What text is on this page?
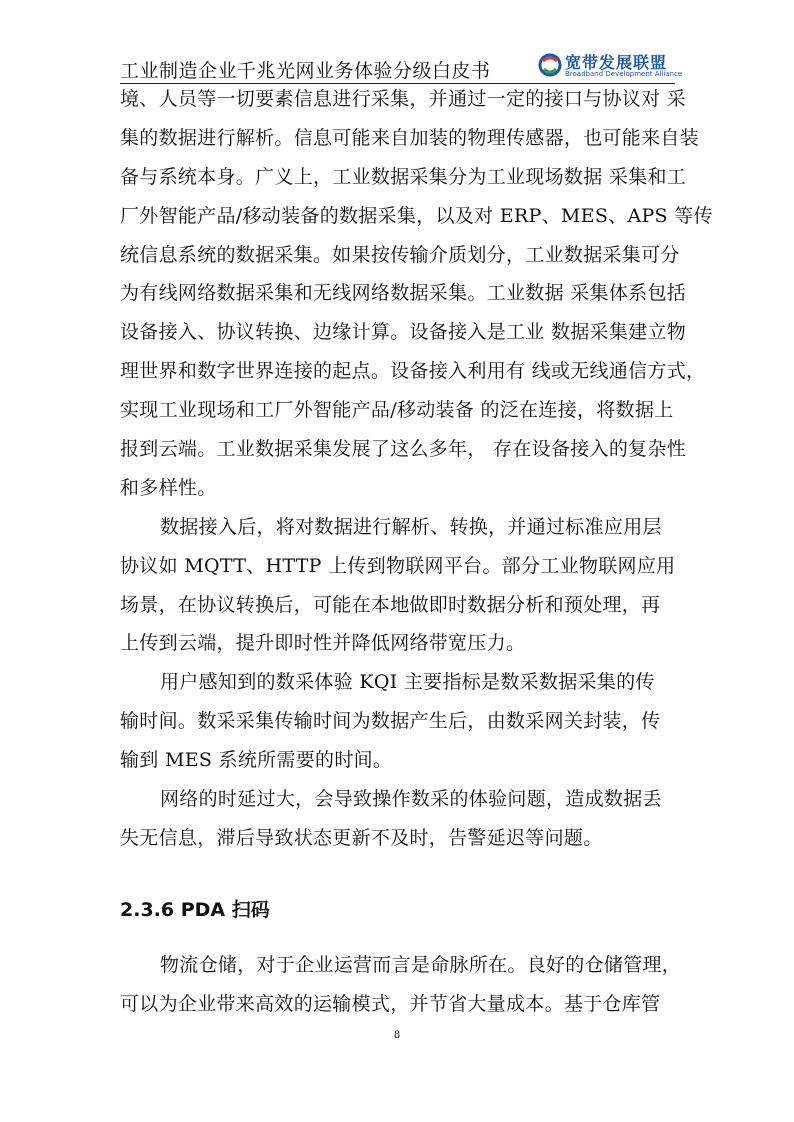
工业制造企业千兆光网业务体验分级白皮书	宽带发展联盟
Broadband Development Alliance
境、人员等一切要素信息进行采集，并通过一定的接口与协议对 采
集的数据进行解析。信息可能来自加装的物理传感器，也可能来自装
备与系统本身。广义上，工业数据采集分为工业现场数据 采集和工
厂外智能产品/移动装备的数据采集，以及对 ERP、MES、APS 等传
统信息系统的数据采集。如果按传输介质划分，工业数据采集可分
为有线网络数据采集和无线网络数据采集。工业数据 采集体系包括
设备接入、协议转换、边缘计算。设备接入是工业 数据采集建立物
理世界和数字世界连接的起点。设备接入利用有 线或无线通信方式，
实现工业现场和工厂外智能产品/移动装备 的泛在连接，将数据上
报到云端。工业数据采集发展了这么多年， 存在设备接入的复杂性
和多样性。
数据接入后，将对数据进行解析、转换，并通过标准应用层
协议如 MQTT、HTTP 上传到物联网平台。部分工业物联网应用
场景，在协议转换后，可能在本地做即时数据分析和预处理，再
上传到云端，提升即时性并降低网络带宽压力。
用户感知到的数采体验 KQI 主要指标是数采数据采集的传
输时间。数采采集传输时间为数据产生后，由数采网关封装，传
输到 MES 系统所需要的时间。
网络的时延过大，会导致操作数采的体验问题，造成数据丢
失无信息，滞后导致状态更新不及时，告警延迟等问题。
2.3.6 PDA 扫码
物流仓储，对于企业运营而言是命脉所在。良好的仓储管理，
可以为企业带来高效的运输模式，并节省大量成本。基于仓库管
8
